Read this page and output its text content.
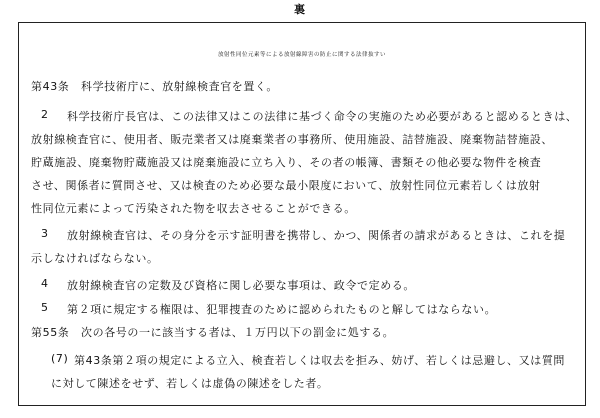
裏
放射性同位元素等による放射線障害の防止に関する法律抜すい
第43条　科学技術庁に、放射線検査官を置く。
2 科学技術庁長官は、この法律又はこの法律に基づく命令の実施のため必要があると認めるときは、
放射線検査官に、使用者、販売業者又は廃棄業者の事務所、使用施設、詰替施設、廃棄物詰替施設、
貯蔵施設、廃棄物貯蔵施設又は廃棄施設に立ち入り、その者の帳簿、書類その他必要な物件を検査
させ、関係者に質問させ、又は検査のため必要な最小限度において、放射性同位元素若しくは放射
性同位元素によって汚染された物を収去させることができる。
3 放射線検査官は、その身分を示す証明書を携帯し、かつ、関係者の請求があるときは、これを提
示しなければならない。
4 放射線検査官の定数及び資格に関し必要な事項は、政令で定める。
5 第２項に規定する権限は、犯罪捜査のために認められたものと解してはならない。
第55条　次の各号の一に該当する者は、１万円以下の罰金に処する。
(7) 第43条第２項の規定による立入、検査若しくは収去を拒み、妨げ、若しくは忌避し、又は質問
に対して陳述をせず、若しくは虚偽の陳述をした者。
